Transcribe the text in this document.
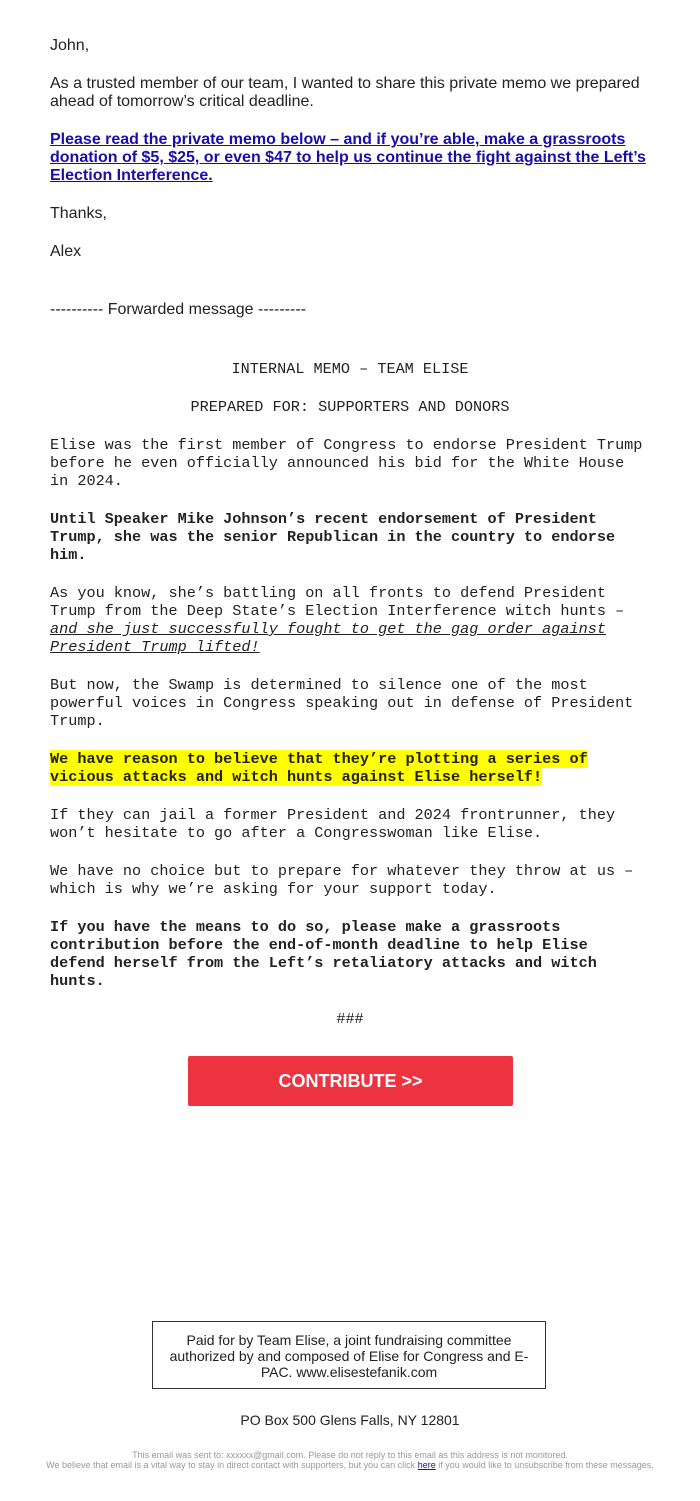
John,

As a trusted member of our team, I wanted to share this private memo we prepared ahead of tomorrow’s critical deadline.

Please read the private memo below – and if you’re able, make a grassroots donation of $5, $25, or even $47 to help us continue the fight against the Left’s Election Interference.

Thanks,

Alex

---------- Forwarded message ---------

INTERNAL MEMO – TEAM ELISE

PREPARED FOR: SUPPORTERS AND DONORS

Elise was the first member of Congress to endorse President Trump before he even officially announced his bid for the White House in 2024.

Until Speaker Mike Johnson’s recent endorsement of President Trump, she was the senior Republican in the country to endorse him.

As you know, she’s battling on all fronts to defend President Trump from the Deep State’s Election Interference witch hunts – and she just successfully fought to get the gag order against President Trump lifted!

But now, the Swamp is determined to silence one of the most powerful voices in Congress speaking out in defense of President Trump.

We have reason to believe that they’re plotting a series of vicious attacks and witch hunts against Elise herself!

If they can jail a former President and 2024 frontrunner, they won’t hesitate to go after a Congresswoman like Elise.

We have no choice but to prepare for whatever they throw at us – which is why we’re asking for your support today.

If you have the means to do so, please make a grassroots contribution before the end-of-month deadline to help Elise defend herself from the Left’s retaliatory attacks and witch hunts.

###

CONTRIBUTE >>
Paid for by Team Elise, a joint fundraising committee authorized by and composed of Elise for Congress and E-PAC. www.elisestefanik.com
PO Box 500 Glens Falls, NY 12801
This email was sent to: xxxxxx@gmail.com. Please do not reply to this email as this address is not monitored.
We believe that email is a vital way to stay in direct contact with supporters, but you can click here if you would like to unsubscribe from these messages.
